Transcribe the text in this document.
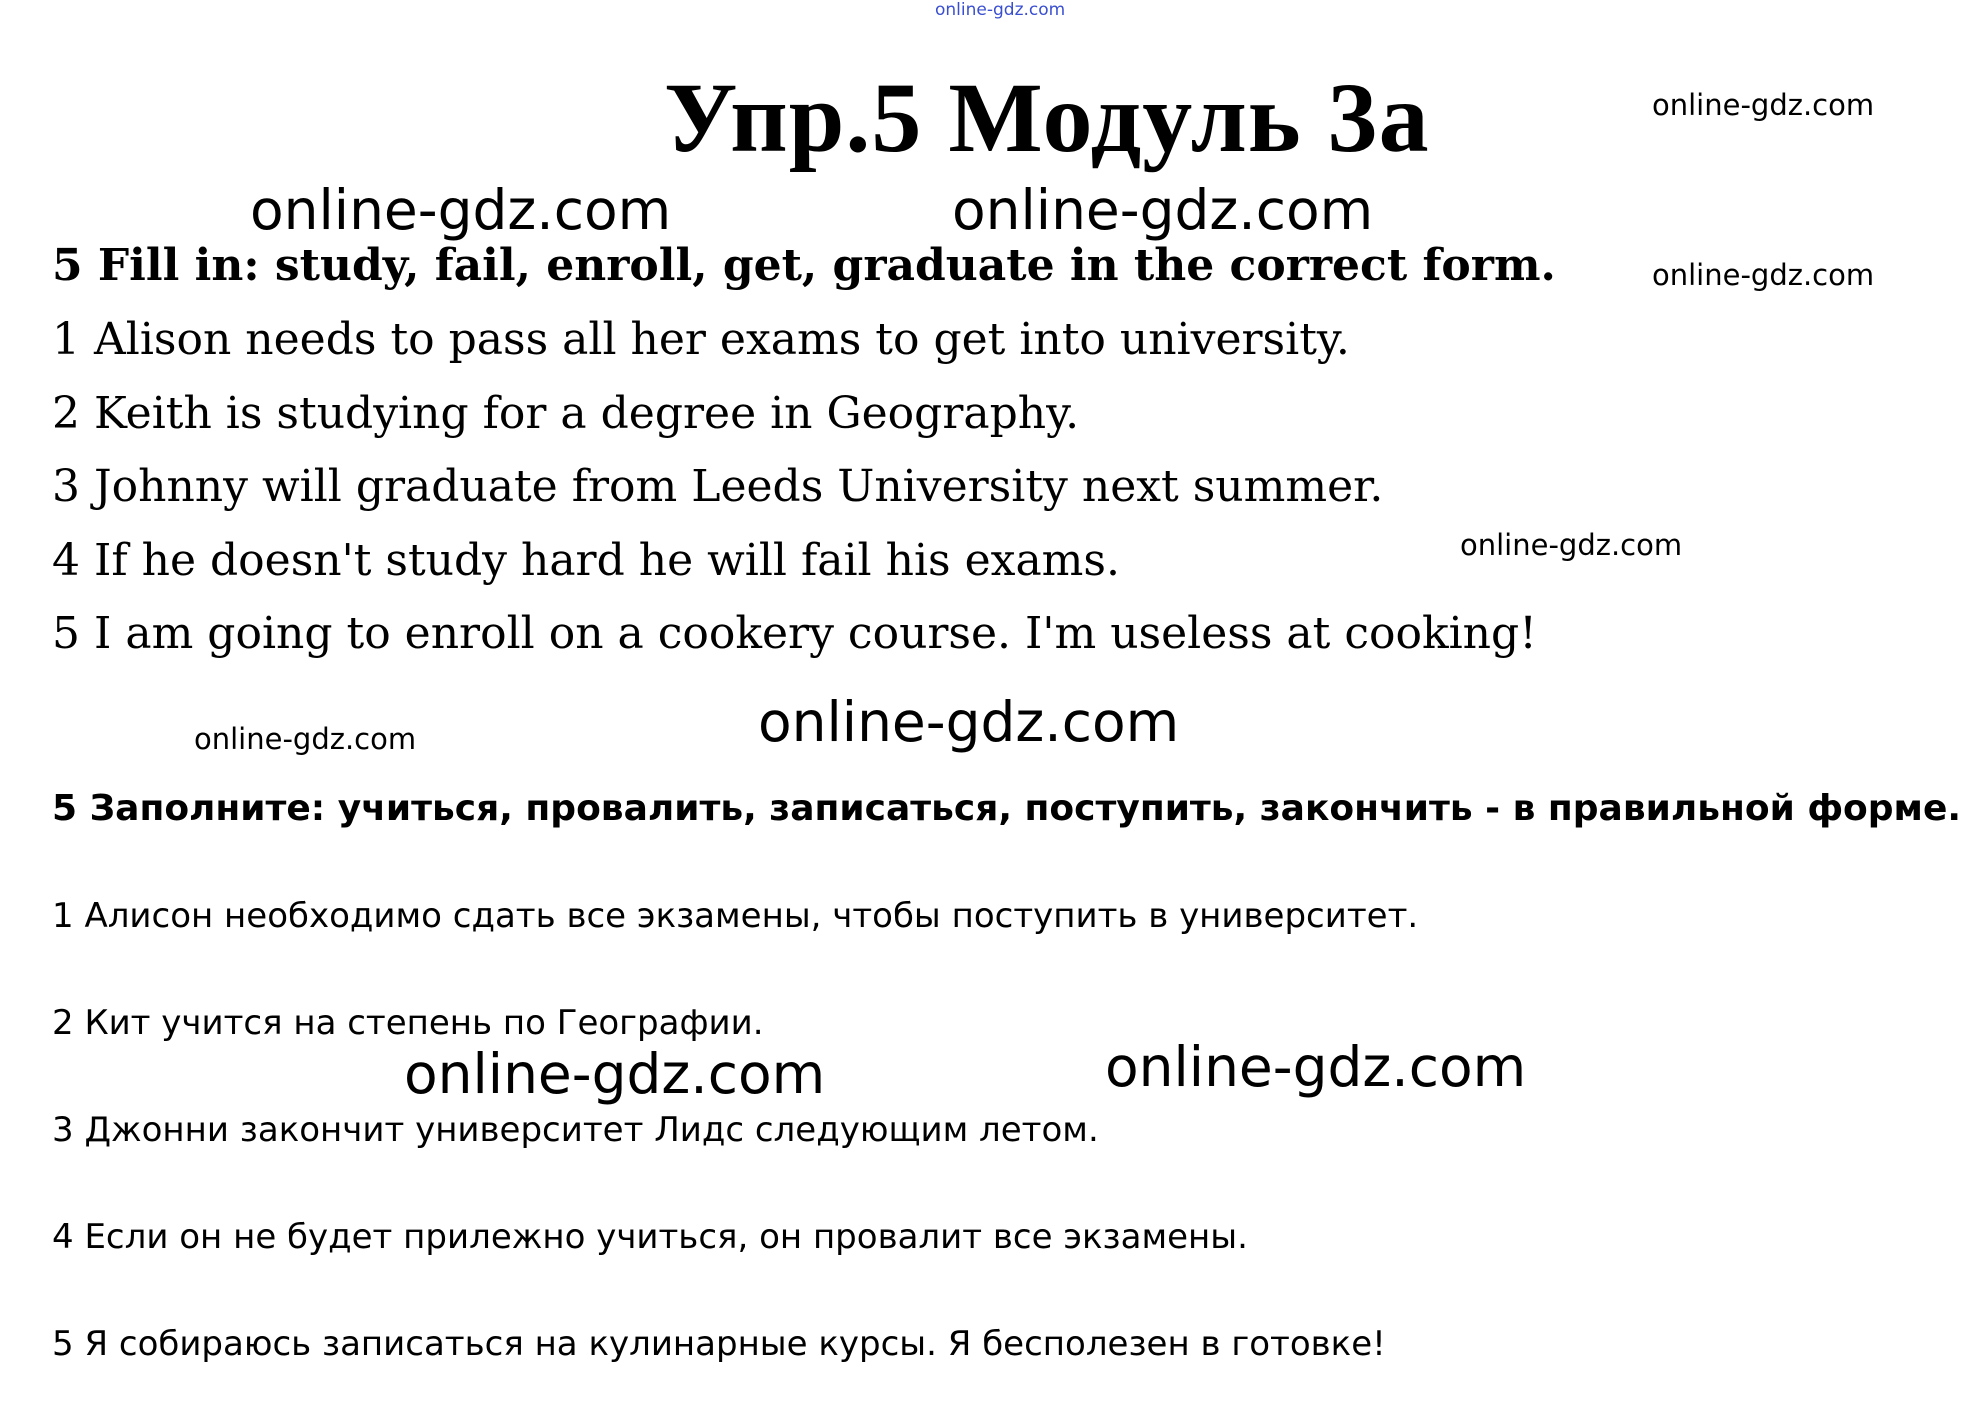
online-gdz.com
online-gdz.com
online-gdz.com	online-gdz.com
online-gdz.com
online-gdz.com
online-gdz.com	online-gdz.com
online-gdz.com	online-gdz.com
Упр.5 Модуль 3а
5 Fill in: study, fail, enroll, get, graduate in the correct form.
1 Alison needs to pass all her exams to get into university.
2 Keith is studying for a degree in Geography.
3 Johnny will graduate from Leeds University next summer.
4 If he doesn't study hard he will fail his exams.
5 I am going to enroll on a cookery course. I'm useless at cooking!
5 Заполните: учиться, провалить, записаться, поступить, закончить - в правильной форме.
1 Алисон необходимо сдать все экзамены, чтобы поступить в университет.
2 Кит учится на степень по Географии.
3 Джонни закончит университет Лидс следующим летом.
4 Если он не будет прилежно учиться, он провалит все экзамены.
5 Я собираюсь записаться на кулинарные курсы. Я бесполезен в готовке!
